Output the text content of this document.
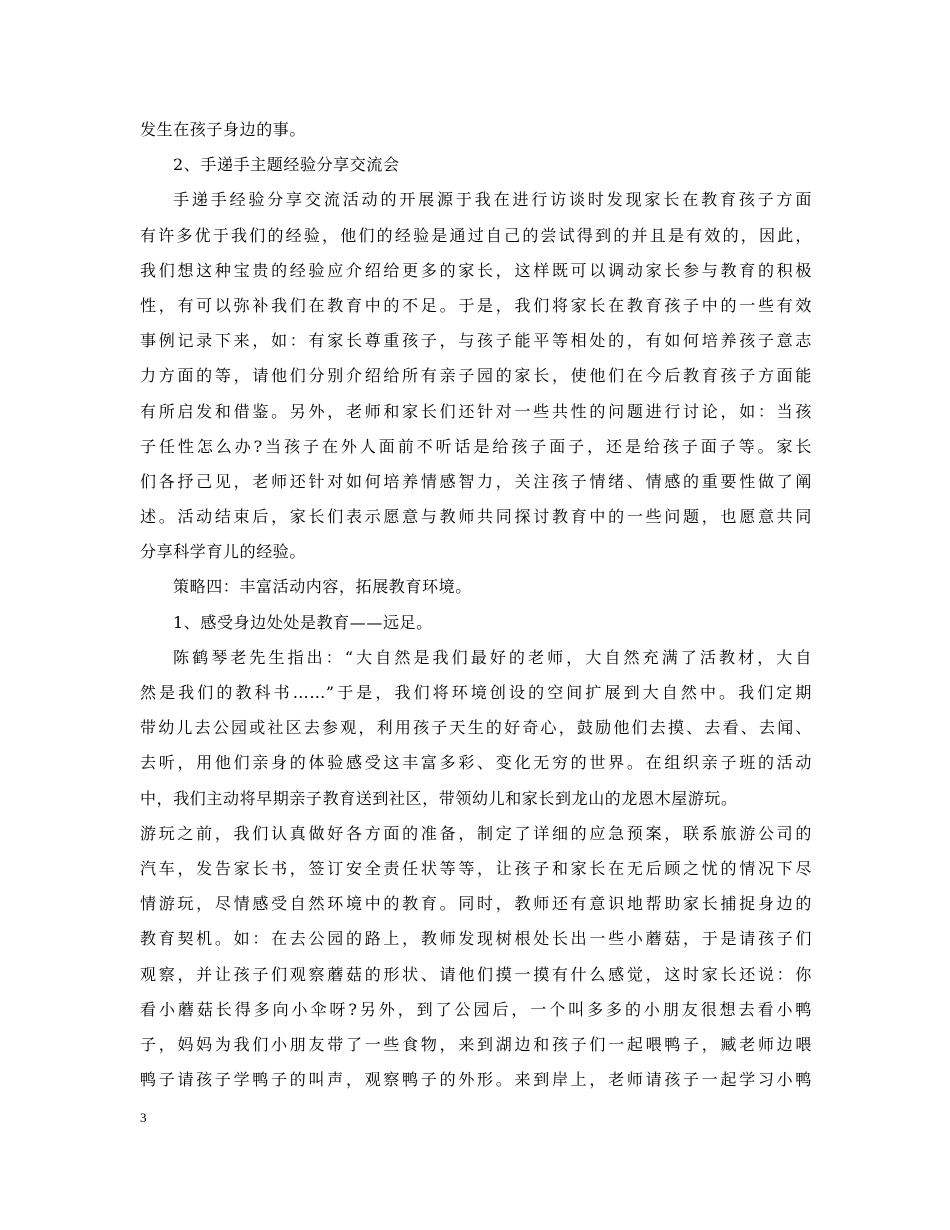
发生在孩子身边的事。
2、手递手主题经验分享交流会
手递手经验分享交流活动的开展源于我在进行访谈时发现家长在教育孩子方面
有许多优于我们的经验，他们的经验是通过自己的尝试得到的并且是有效的，因此，
我们想这种宝贵的经验应介绍给更多的家长，这样既可以调动家长参与教育的积极
性，有可以弥补我们在教育中的不足。于是，我们将家长在教育孩子中的一些有效
事例记录下来，如：有家长尊重孩子，与孩子能平等相处的，有如何培养孩子意志
力方面的等，请他们分别介绍给所有亲子园的家长，使他们在今后教育孩子方面能
有所启发和借鉴。另外，老师和家长们还针对一些共性的问题进行讨论，如：当孩
子任性怎么办?当孩子在外人面前不听话是给孩子面子，还是给孩子面子等。家长
们各抒己见，老师还针对如何培养情感智力，关注孩子情绪、情感的重要性做了阐
述。活动结束后，家长们表示愿意与教师共同探讨教育中的一些问题，也愿意共同
分享科学育儿的经验。
策略四：丰富活动内容，拓展教育环境。
1、感受身边处处是教育——远足。
陈鹤琴老先生指出：“大自然是我们最好的老师，大自然充满了活教材，大自
然是我们的教科书……”于是，我们将环境创设的空间扩展到大自然中。我们定期
带幼儿去公园或社区去参观，利用孩子天生的好奇心，鼓励他们去摸、去看、去闻、
去听，用他们亲身的体验感受这丰富多彩、变化无穷的世界。在组织亲子班的活动
中，我们主动将早期亲子教育送到社区，带领幼儿和家长到龙山的龙恩木屋游玩。
游玩之前，我们认真做好各方面的准备，制定了详细的应急预案，联系旅游公司的
汽车，发告家长书，签订安全责任状等等，让孩子和家长在无后顾之忧的情况下尽
情游玩，尽情感受自然环境中的教育。同时，教师还有意识地帮助家长捕捉身边的
教育契机。如：在去公园的路上，教师发现树根处长出一些小蘑菇，于是请孩子们
观察，并让孩子们观察蘑菇的形状、请他们摸一摸有什么感觉，这时家长还说：你
看小蘑菇长得多向小伞呀?另外，到了公园后，一个叫多多的小朋友很想去看小鸭
子，妈妈为我们小朋友带了一些食物，来到湖边和孩子们一起喂鸭子，臧老师边喂
鸭子请孩子学鸭子的叫声，观察鸭子的外形。来到岸上，老师请孩子一起学习小鸭
3
